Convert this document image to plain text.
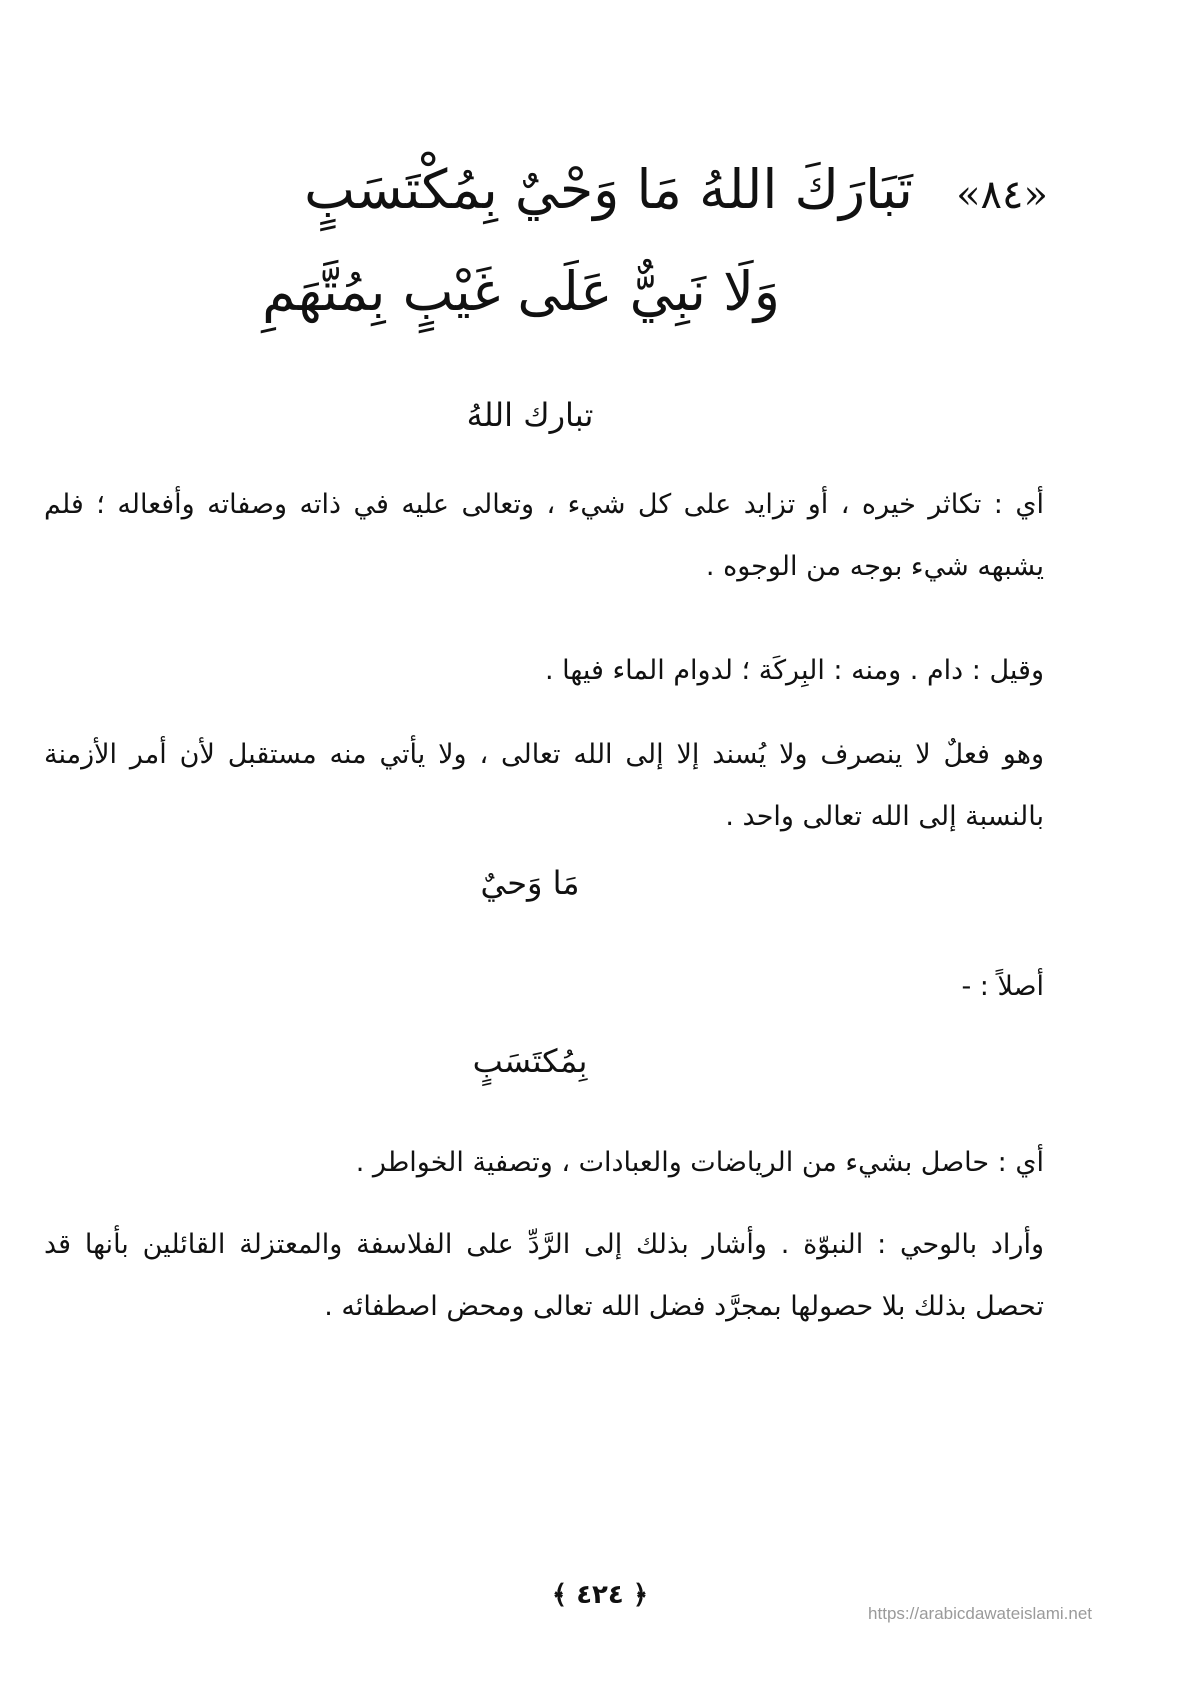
«٨٤» تَبَارَكَ اللهُ مَا وَحْيٌ بِمُكْتَسَبٍ
وَلَا نَبِيٌّ عَلَى غَيْبٍ بِمُتَّهَمِ
تبارك اللهُ
أي : تكاثر خيره ، أو تزايد على كل شيء ، وتعالى عليه في ذاته وصفاته وأفعاله ؛ فلم يشبهه شيء بوجه من الوجوه .
وقيل : دام . ومنه : البِركَة ؛ لدوام الماء فيها .
وهو فعلٌ لا ينصرف ولا يُسند إلا إلى الله تعالى ، ولا يأتي منه مستقبل لأن أمر الأزمنة بالنسبة إلى الله تعالى واحد .
مَا وَحيٌ
أصلاً : -
بِمُكتَسَبٍ
أي : حاصل بشيء من الرياضات والعبادات ، وتصفية الخواطر .
وأراد بالوحي : النبوّة . وأشار بذلك إلى الرَّدِّ على الفلاسفة والمعتزلة القائلين بأنها قد تحصل بذلك بلا حصولها بمجرَّد فضل الله تعالى ومحض اصطفائه .
﴿ ٤٢٤ ﴾
https://arabicdawateislami.net
